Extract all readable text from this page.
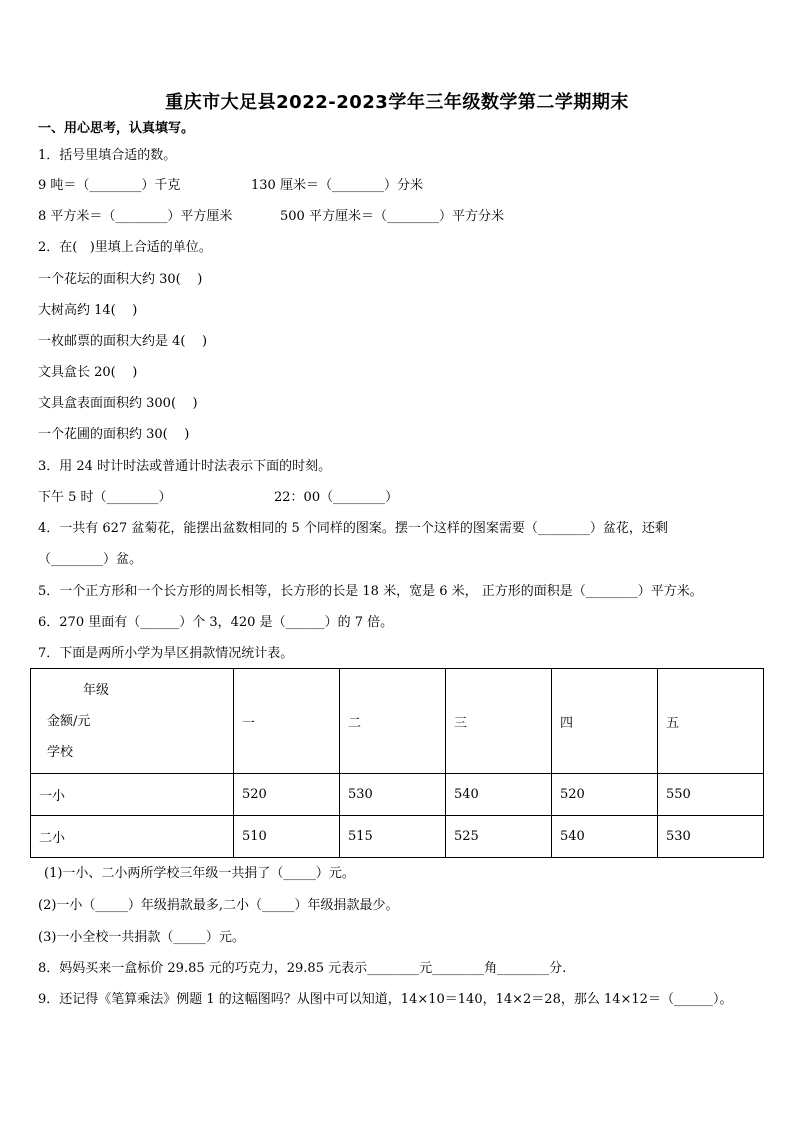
重庆市大足县2022-2023学年三年级数学第二学期期末
一、用心思考，认真填写。
1．括号里填合适的数。
9 吨＝（________）千克	130 厘米＝（________）分米
8 平方米＝（________）平方厘米	500 平方厘米＝（________）平方分米
2．在(   )里填上合适的单位。
一个花坛的面积大约 30(    )
大树高约 14(    )
一枚邮票的面积大约是 4(    )
文具盒长 20(    )
文具盒表面面积约 300(    )
一个花圃的面积约 30(    )
3．用 24 时计时法或普通计时法表示下面的时刻。
下午 5 时（________）	22：00（________）
4．一共有 627 盆菊花，能摆出盆数相同的 5 个同样的图案。摆一个这样的图案需要（________）盆花，还剩
（________）盆。
5．一个正方形和一个长方形的周长相等，长方形的长是 18 米，宽是 6 米， 正方形的面积是（________）平方米。
6．270 里面有（______）个 3，420 是（______）的 7 倍。
7．下面是两所小学为旱区捐款情况统计表。
年级
金额/元
学校	一	二	三	四	五
一小	520	530	540	520	550
二小	510	515	525	540	530
(1)一小、二小两所学校三年级一共捐了（_____）元。
(2)一小（_____）年级捐款最多,二小（_____）年级捐款最少。
(3)一小全校一共捐款（_____）元。
8．妈妈买来一盒标价 29.85 元的巧克力，29.85 元表示________元________角________分.
9．还记得《笔算乘法》例题 1 的这幅图吗？从图中可以知道，14×10＝140，14×2＝28，那么 14×12＝（______）。
